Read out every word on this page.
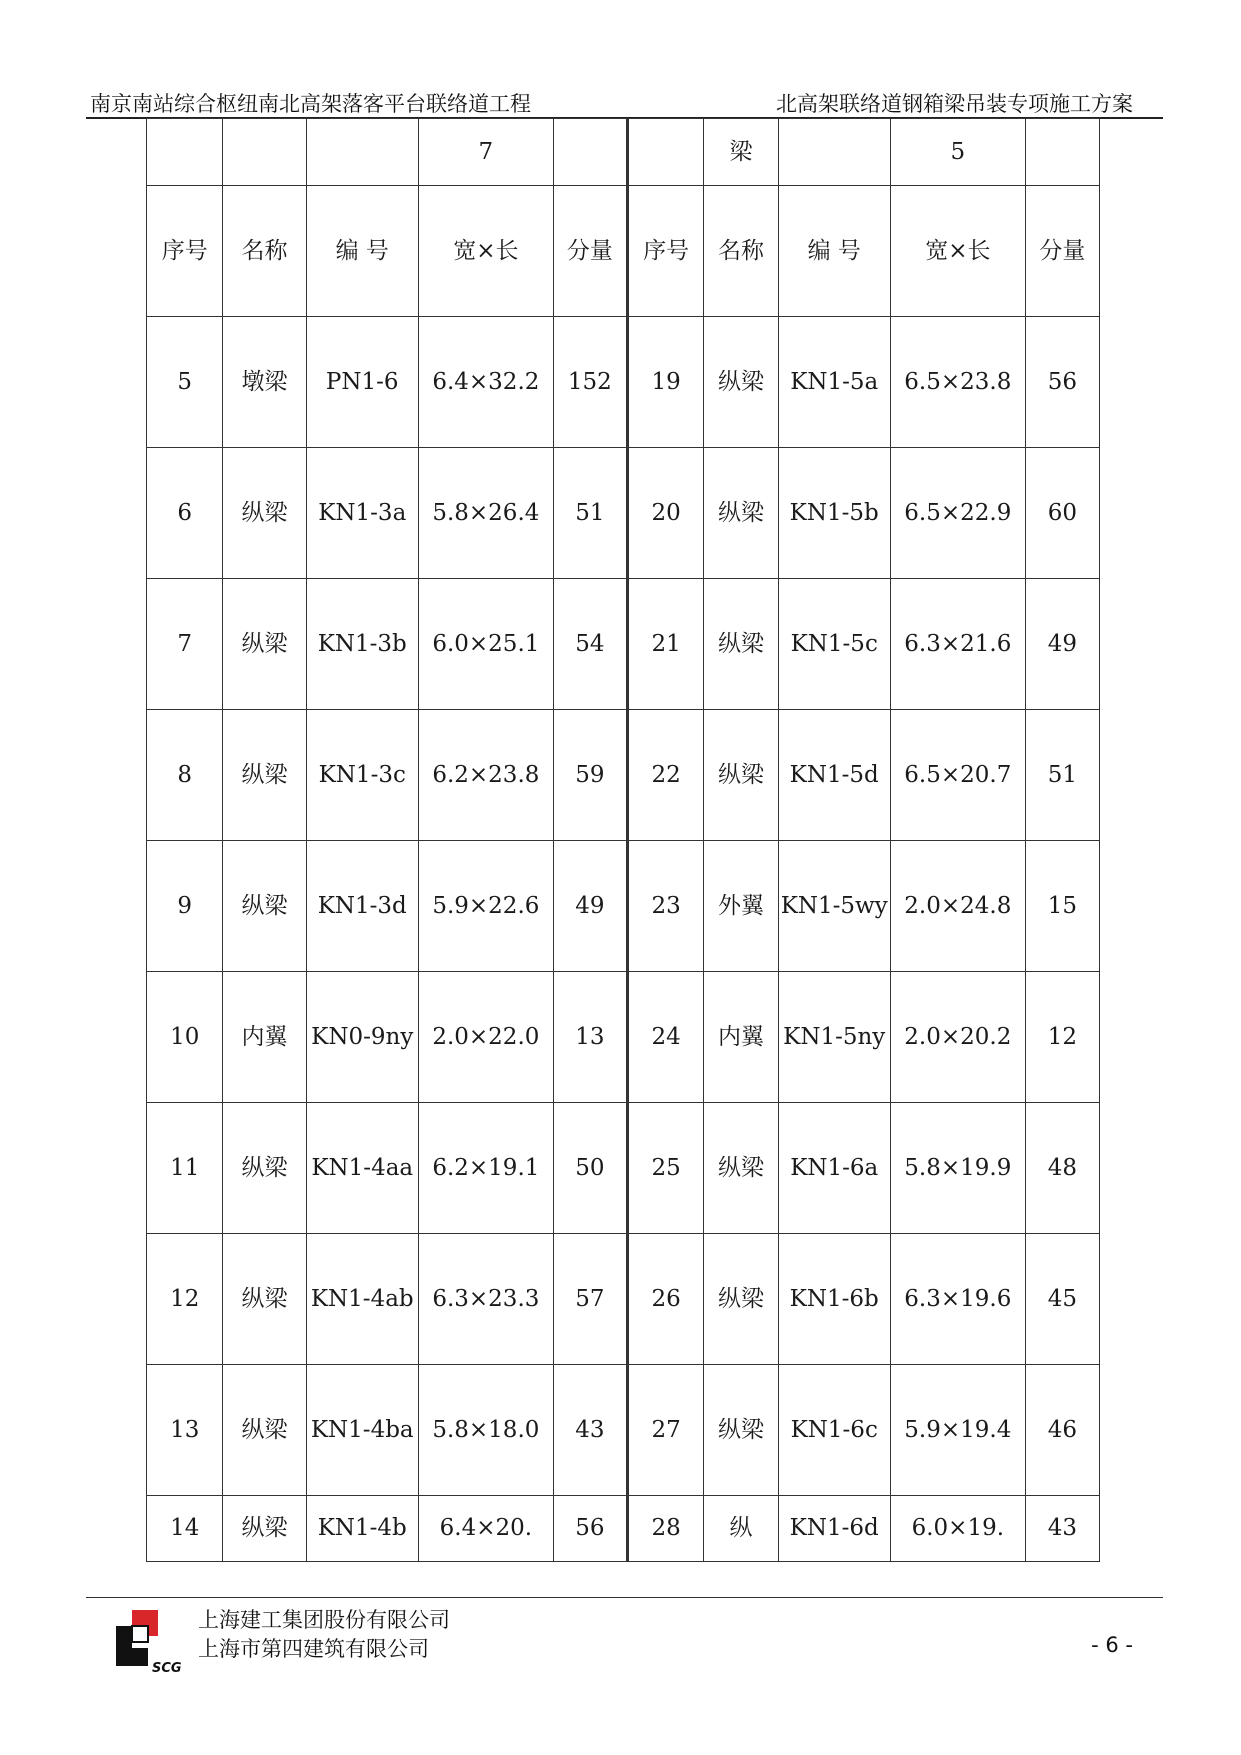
南京南站综合枢纽南北高架落客平台联络道工程	北高架联络道钢箱梁吊装专项施工方案
			7			梁		5	
序号	名称	编 号	宽×长	分量	序号	名称	编 号	宽×长	分量
5	墩梁	PN1-6	6.4×32.2	152	19	纵梁	KN1-5a	6.5×23.8	56
6	纵梁	KN1-3a	5.8×26.4	51	20	纵梁	KN1-5b	6.5×22.9	60
7	纵梁	KN1-3b	6.0×25.1	54	21	纵梁	KN1-5c	6.3×21.6	49
8	纵梁	KN1-3c	6.2×23.8	59	22	纵梁	KN1-5d	6.5×20.7	51
9	纵梁	KN1-3d	5.9×22.6	49	23	外翼	KN1-5wy	2.0×24.8	15
10	内翼	KN0-9ny	2.0×22.0	13	24	内翼	KN1-5ny	2.0×20.2	12
11	纵梁	KN1-4aa	6.2×19.1	50	25	纵梁	KN1-6a	5.8×19.9	48
12	纵梁	KN1-4ab	6.3×23.3	57	26	纵梁	KN1-6b	6.3×19.6	45
13	纵梁	KN1-4ba	5.8×18.0	43	27	纵梁	KN1-6c	5.9×19.4	46
14	纵梁	KN1-4b	6.4×20.	56	28	纵	KN1-6d	6.0×19.	43
SCG
上海建工集团股份有限公司
上海市第四建筑有限公司	- 6 -
